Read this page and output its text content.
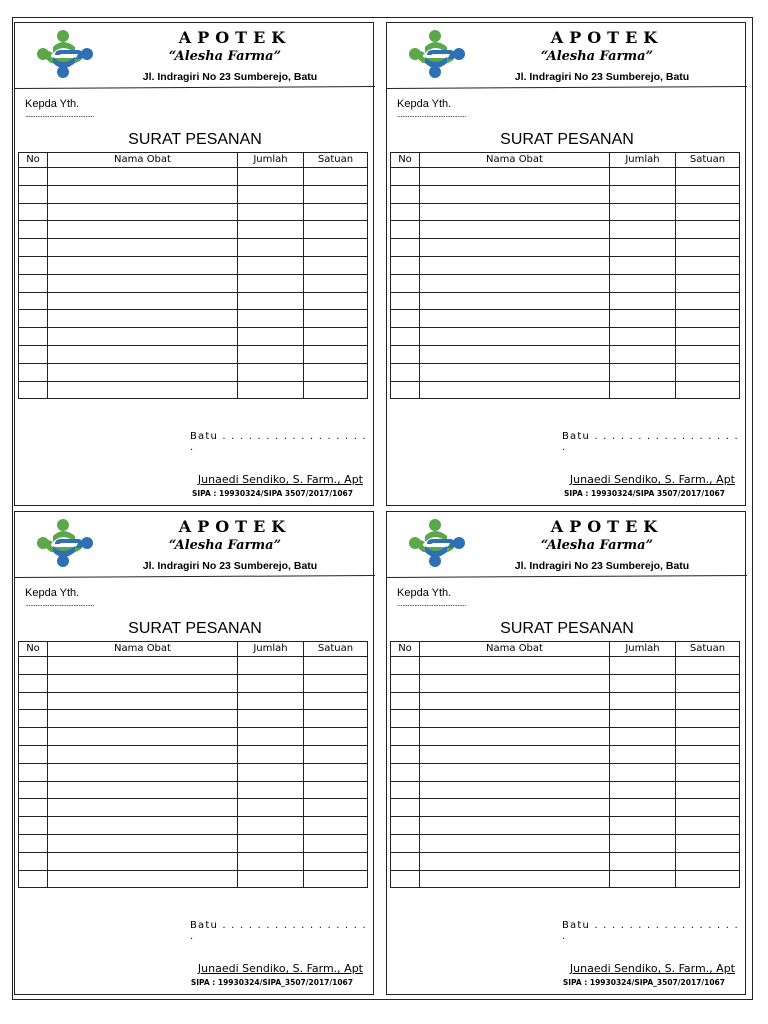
APOTEK
“Alesha Farma”
Jl. Indragiri No 23 Sumberejo, Batu
Kepda Yth.
........................................
SURAT PESANAN
No	Nama Obat	Jumlah	Satuan

Batu . . . . . . . . . . . . . . . . . .
Junaedi Sendiko, S. Farm., Apt
SIPA : 19930324/SIPA 3507/2017/1067
APOTEK
“Alesha Farma”
Jl. Indragiri No 23 Sumberejo, Batu
Kepda Yth.
........................................
SURAT PESANAN
No	Nama Obat	Jumlah	Satuan

Batu . . . . . . . . . . . . . . . . . .
Junaedi Sendiko, S. Farm., Apt
SIPA : 19930324/SIPA 3507/2017/1067
APOTEK
“Alesha Farma”
Jl. Indragiri No 23 Sumberejo, Batu
Kepda Yth.
........................................
SURAT PESANAN
No	Nama Obat	Jumlah	Satuan

Batu . . . . . . . . . . . . . . . . . .
Junaedi Sendiko, S. Farm., Apt
SIPA : 19930324/SIPA_3507/2017/1067
APOTEK
“Alesha Farma”
Jl. Indragiri No 23 Sumberejo, Batu
Kepda Yth.
........................................
SURAT PESANAN
No	Nama Obat	Jumlah	Satuan

Batu . . . . . . . . . . . . . . . . . .
Junaedi Sendiko, S. Farm., Apt
SIPA : 19930324/SIPA_3507/2017/1067
